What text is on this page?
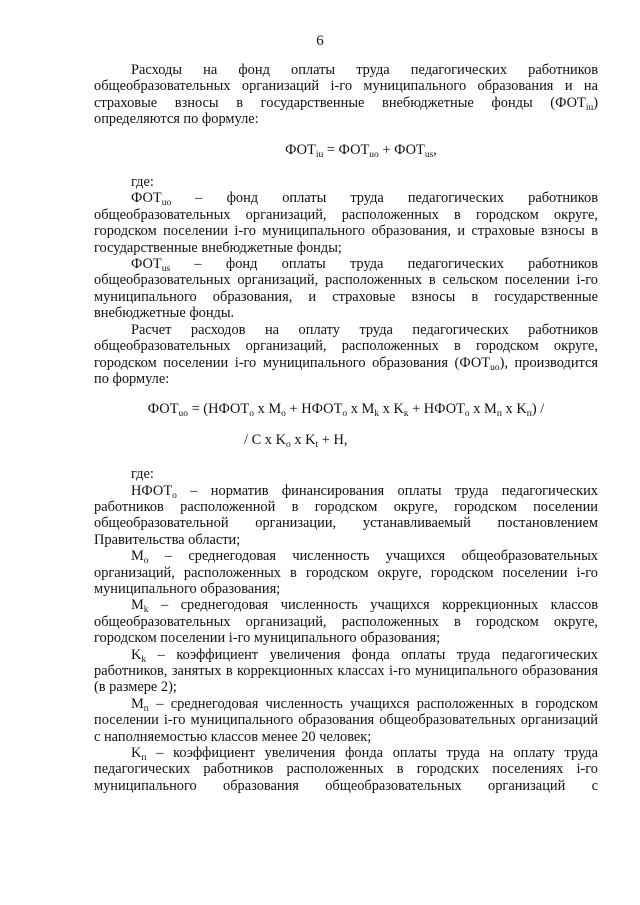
6

Расходы на фонд оплаты труда педагогических работников общеобразовательных организаций i-го муниципального образования и на страховые взносы в государственные внебюджетные фонды $(ФОТ_{iu})$ определяются по формуле:

$ФОТ_{iu} = ФОТ_{uo} + ФОТ_{us}$,

где:

$ФОТ_{uo}$ – фонд оплаты труда педагогических работников общеобразовательных организаций, расположенных в городском округе, городском поселении i-го муниципального образования, и страховые взносы в государственные внебюджетные фонды;

$ФОТ_{us}$ – фонд оплаты труда педагогических работников общеобразовательных организаций, расположенных в сельском поселении i-го муниципального образования, и страховые взносы в государственные внебюджетные фонды.

Расчет расходов на оплату труда педагогических работников общеобразовательных организаций, расположенных в городском округе, городском поселении i-го муниципального образования $(ФОТ_{uo})$, производится по формуле:

$ФОТ_{uo}$ = ($НФОТ_o$ x $M_o$ + $НФОТ_o$ x $M_k$ x $K_к$ + $НФОТ_o$ x $M_п$ x $K_п$) /

/ С x $K_o$ x $K_t + Н$,

где:

$НФОТ_o$ – норматив финансирования оплаты труда педагогических работников расположенной в городском округе, городском поселении общеобразовательной организации, устанавливаемый постановлением Правительства области;

$M_o$ – среднегодовая численность учащихся общеобразовательных организаций, расположенных в городском округе, городском поселении i-го муниципального образования;

$M_k$ – среднегодовая численность учащихся коррекционных классов общеобразовательных организаций, расположенных в городском округе, городском поселении i-го муниципального образования;

$K_k$ – коэффициент увеличения фонда оплаты труда педагогических работников, занятых в коррекционных классах i-го муниципального образования (в размере 2);

$M_п$ – среднегодовая численность учащихся расположенных в городском поселении i-го муниципального образования общеобразовательных организаций с наполняемостью классов менее 20 человек;

$K_п$ – коэффициент увеличения фонда оплаты труда на оплату труда педагогических работников расположенных в городских поселениях i-го муниципального образования общеобразовательных организаций с
